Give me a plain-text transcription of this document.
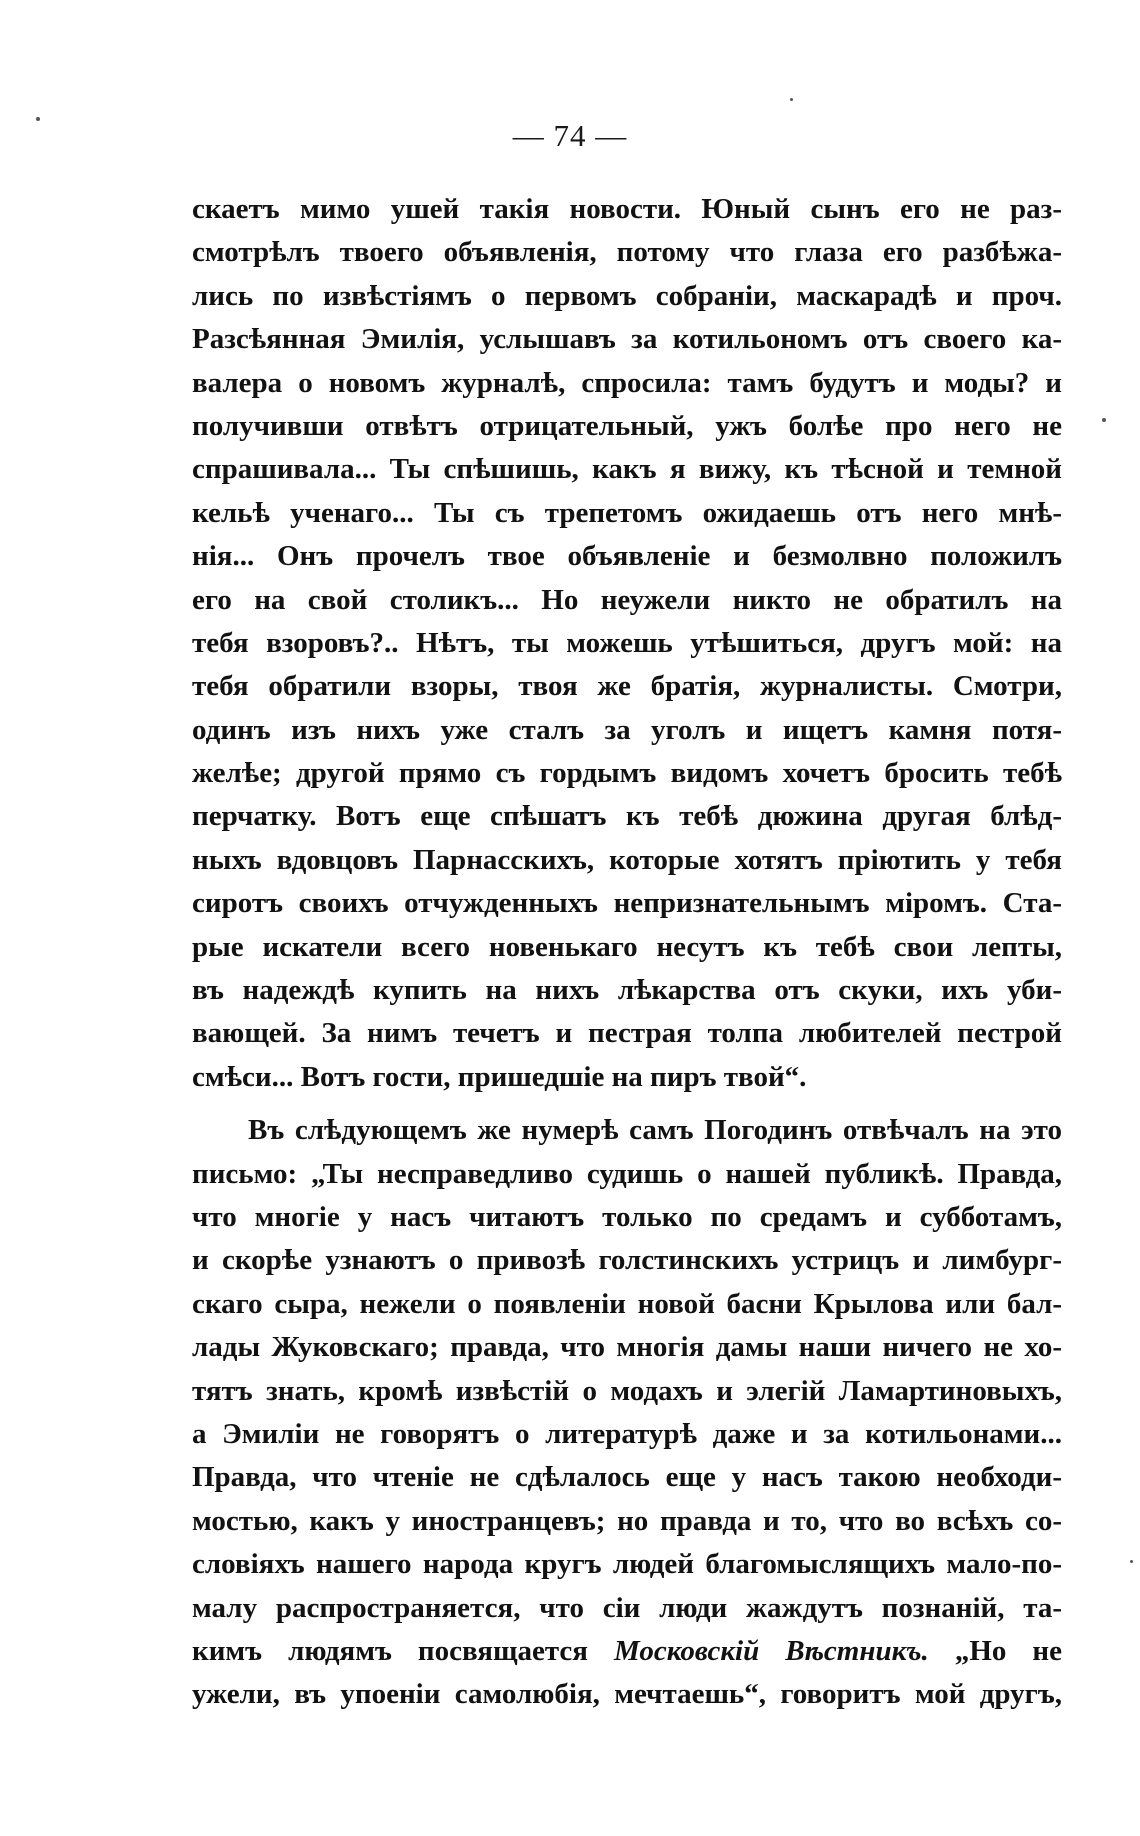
— 74 —
скаетъ мимо ушей такія новости. Юный сынъ его не раз-
смотрѣлъ твоего объявленія, потому что глаза его разбѣжа-
лись по извѣстіямъ о первомъ собраніи, маскарадѣ и проч.
Разсѣянная Эмилія, услышавъ за котильономъ отъ своего ка-
валера о новомъ журналѣ, спросила: тамъ будутъ и моды? и
получивши отвѣтъ отрицательный, ужъ болѣе про него не
спрашивала... Ты спѣшишь, какъ я вижу, къ тѣсной и темной
кельѣ ученаго... Ты съ трепетомъ ожидаешь отъ него мнѣ-
нія... Онъ прочелъ твое объявленіе и безмолвно положилъ
его на свой столикъ... Но неужели никто не обратилъ на
тебя взоровъ?.. Нѣтъ, ты можешь утѣшиться, другъ мой: на
тебя обратили взоры, твоя же братія, журналисты. Смотри,
одинъ изъ нихъ уже сталъ за уголъ и ищетъ камня потя-
желѣе; другой прямо съ гордымъ видомъ хочетъ бросить тебѣ
перчатку. Вотъ еще спѣшатъ къ тебѣ дюжина другая блѣд-
ныхъ вдовцовъ Парнасскихъ, которые хотятъ пріютить у тебя
сиротъ своихъ отчужденныхъ непризнательнымъ міромъ. Ста-
рые искатели всего новенькаго несутъ къ тебѣ свои лепты,
въ надеждѣ купить на нихъ лѣкарства отъ скуки, ихъ уби-
вающей. За нимъ течетъ и пестрая толпа любителей пестрой
смѣси... Вотъ гости, пришедшіе на пиръ твой“.
Въ слѣдующемъ же нумерѣ самъ Погодинъ отвѣчалъ на это
письмо: „Ты несправедливо судишь о нашей публикѣ. Правда,
что многіе у насъ читаютъ только по средамъ и субботамъ,
и скорѣе узнаютъ о привозѣ голстинскихъ устрицъ и лимбург-
скаго сыра, нежели о появленіи новой басни Крылова или бал-
лады Жуковскаго; правда, что многія дамы наши ничего не хо-
тятъ знать, кромѣ извѣстій о модахъ и элегій Ламартиновыхъ,
а Эмиліи не говорятъ о литературѣ даже и за котильонами...
Правда, что чтеніе не сдѣлалось еще у насъ такою необходи-
мостью, какъ у иностранцевъ; но правда и то, что во всѣхъ со-
словіяхъ нашего народа кругъ людей благомыслящихъ мало-по-
малу распространяется, что сіи люди жаждутъ познаній, та-
кимъ людямъ посвящается Московскій Вѣстникъ. „Но не
ужели, въ упоеніи самолюбія, мечтаешь“, говоритъ мой другъ,
